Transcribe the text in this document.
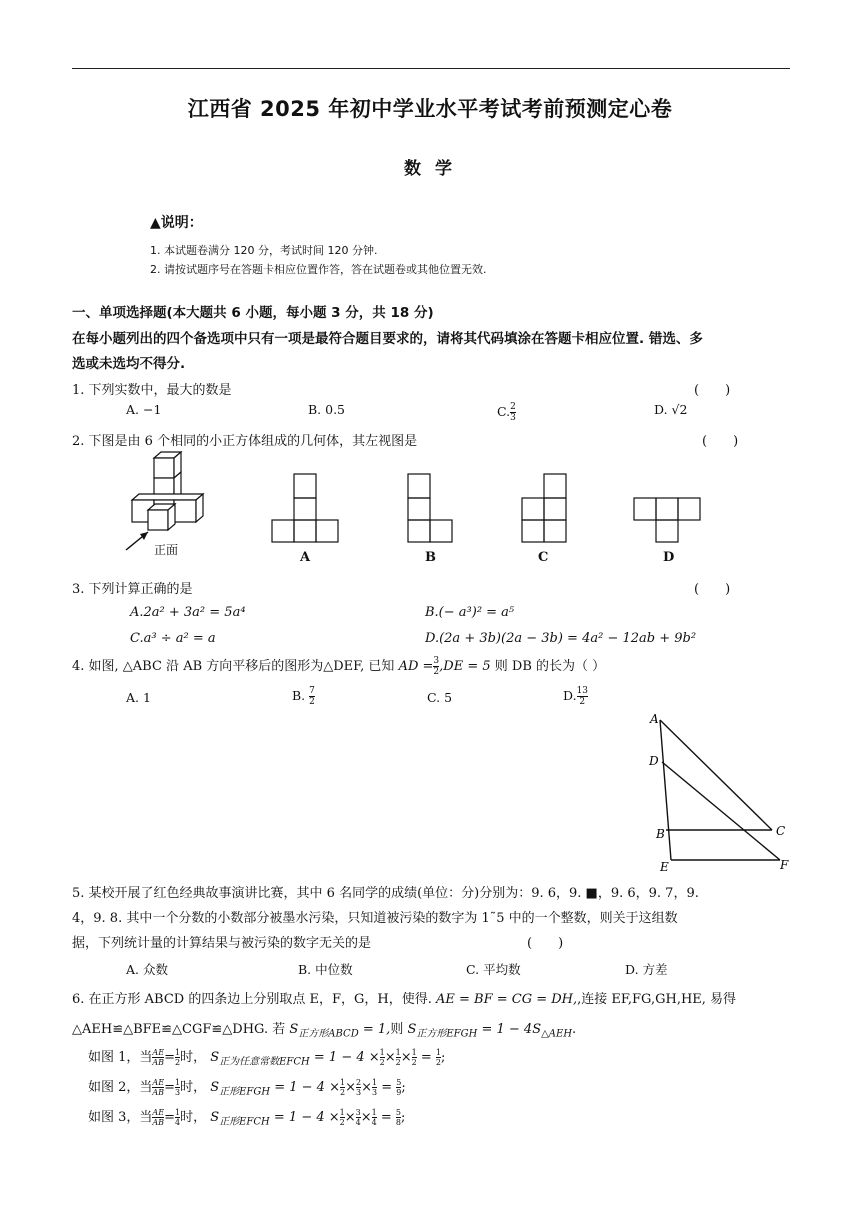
江西省 2025 年初中学业水平考试考前预测定心卷
数 学
▲说明：
1. 本试题卷满分 120 分，考试时间 120 分钟.
2. 请按试题序号在答题卡相应位置作答，答在试题卷或其他位置无效.
一、单项选择题(本大题共 6 小题，每小题 3 分，共 18 分)
在每小题列出的四个备选项中只有一项是最符合题目要求的，请将其代码填涂在答题卡相应位置. 错选、多
选或未选均不得分.
1. 下列实数中，最大的数是	(　　)
A. −1	B. 0.5	C. $\frac{2}{3}$	D. √2
2. 下图是由 6 个相同的小正方体组成的几何体，其左视图是	(　　)
正面	A	B	C	D
3. 下列计算正确的是	(　　)
A.2a² + 3a² = 5a⁴	B.(− a³)² = a⁵
C.a³ ÷ a² = a	D.(2a + 3b)(2a − 3b) = 4a² − 12ab + 9b²
4. 如图, △ABC 沿 AB 方向平移后的图形为△DEF, 已知 AD = $\frac{3}{2} ,DE = 5$ 则 DB 的长为（ ）
A. 1	B. $\frac{7}{2}$	C. 5	D. $\frac{13}{2}$
A
D
B
E
C
F
5. 某校开展了红色经典故事演讲比赛，其中 6 名同学的成绩(单位：分)分别为：9. 6，9. ■，9. 6，9. 7，9.
4，9. 8. 其中一个分数的小数部分被墨水污染，只知道被污染的数字为 1˜5 中的一个整数，则关于这组数
据，下列统计量的计算结果与被污染的数字无关的是	(　　)
A. 众数	B. 中位数	C. 平均数	D. 方差
6. 在正方形 ABCD 的四条边上分别取点 E，F，G，H，使得. AE = BF = CG = DH,,连接 EF,FG,GH,HE, 易得
△AEH≌△BFE≌△CGF≌△DHG. 若 $S_{正方形ABCD} = 1$,则 $S_{正方形EFGH} = 1 - 4S_{\triangle AEH}$.
如图 1，当 $\frac{AE}{AB} = \frac{1}{2}$ 时， $S_{正为任意常数EFCH} = 1 - 4 \times \frac{1}{2} \times \frac{1}{2} \times \frac{1}{2} = \frac{1}{2}$ ;
如图 2，当 $\frac{AE}{AB} = \frac{1}{3}$ 时， $S_{正形EFGH} = 1 - 4 \times \frac{1}{2} \times \frac{2}{3} \times \frac{1}{3} = \frac{5}{9}$ ;
如图 3，当 $\frac{AE}{AB} = \frac{1}{4}$ 时， $S_{正形EFCH} = 1 - 4 \times \frac{1}{2} \times \frac{3}{4} \times \frac{1}{4} = \frac{5}{8}$ ;
